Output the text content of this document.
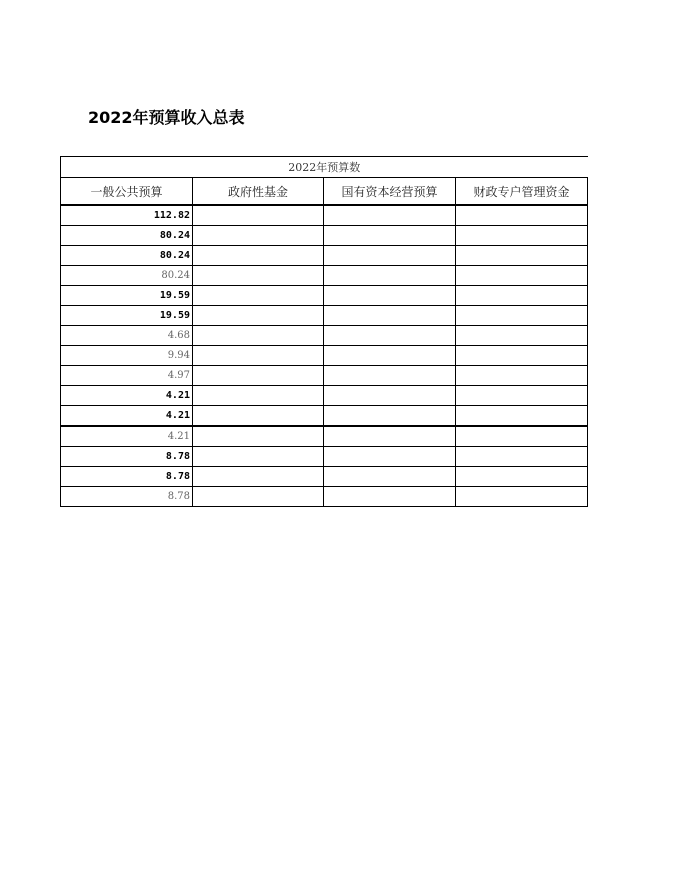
2022年预算收入总表
2022年预算数			
一般公共预算	政府性基金	国有资本经营预算	财政专户管理资金
112.82			
80.24			
80.24			
80.24			
19.59			
19.59			
4.68			
9.94			
4.97			
4.21			
4.21			
4.21			
8.78			
8.78			
8.78			
